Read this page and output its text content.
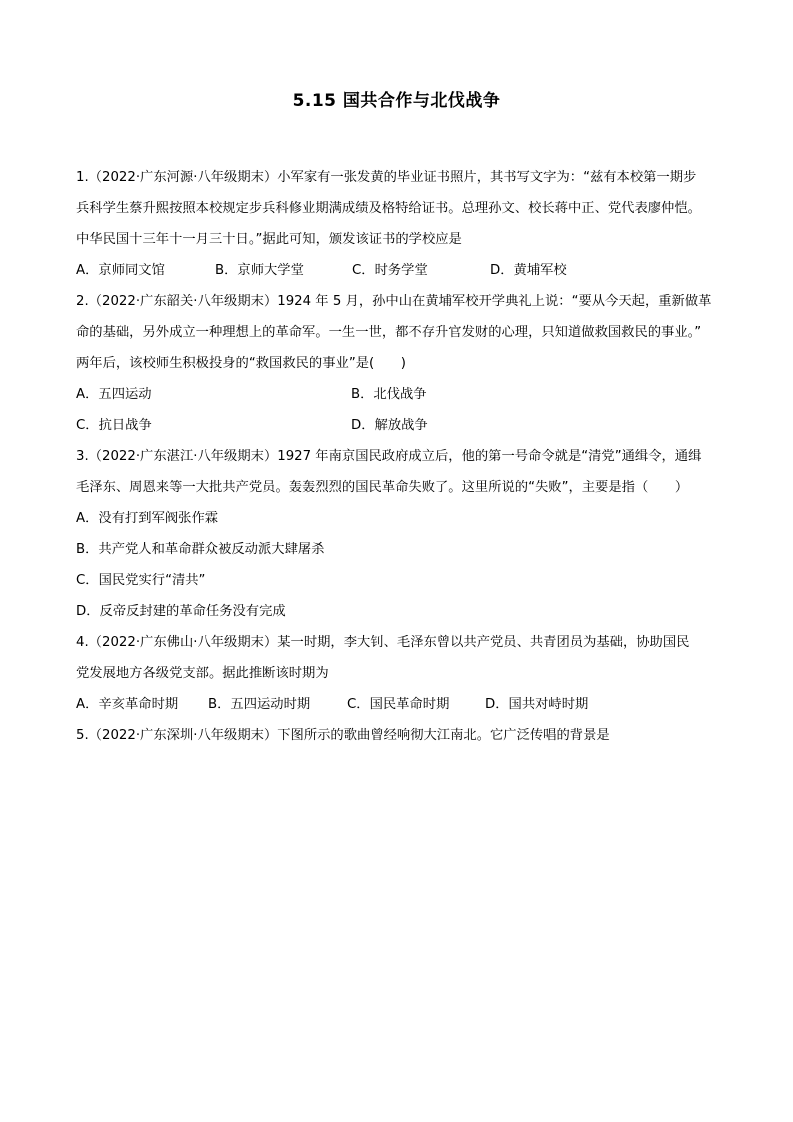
5.15 国共合作与北伐战争

1.（2022·广东河源·八年级期末）小军家有一张发黄的毕业证书照片，其书写文字为：“兹有本校第一期步
兵科学生蔡升熙按照本校规定步兵科修业期满成绩及格特给证书。总理孙文、校长蒋中正、党代表廖仲恺。
中华民国十三年十一月三十日。”据此可知，颁发该证书的学校应是

A．京师同文馆	B．京师大学堂	C．时务学堂	D．黄埔军校

2.（2022·广东韶关·八年级期末）1924 年 5 月，孙中山在黄埔军校开学典礼上说：“要从今天起，重新做革
命的基础，另外成立一种理想上的革命军。一生一世，都不存升官发财的心理，只知道做救国救民的事业。”
两年后，该校师生积极投身的“救国救民的事业”是(　　)

A．五四运动	B．北伐战争
C．抗日战争	D．解放战争

3.（2022·广东湛江·八年级期末）1927 年南京国民政府成立后，他的第一号命令就是“清党”通缉令，通缉
毛泽东、周恩来等一大批共产党员。轰轰烈烈的国民革命失败了。这里所说的“失败”，主要是指（　　）

A．没有打到军阀张作霖
B．共产党人和革命群众被反动派大肆屠杀
C．国民党实行“清共”
D．反帝反封建的革命任务没有完成

4.（2022·广东佛山·八年级期末）某一时期，李大钊、毛泽东曾以共产党员、共青团员为基础，协助国民
党发展地方各级党支部。据此推断该时期为

A．辛亥革命时期	B．五四运动时期	C．国民革命时期	D．国共对峙时期

5.（2022·广东深圳·八年级期末）下图所示的歌曲曾经响彻大江南北。它广泛传唱的背景是
